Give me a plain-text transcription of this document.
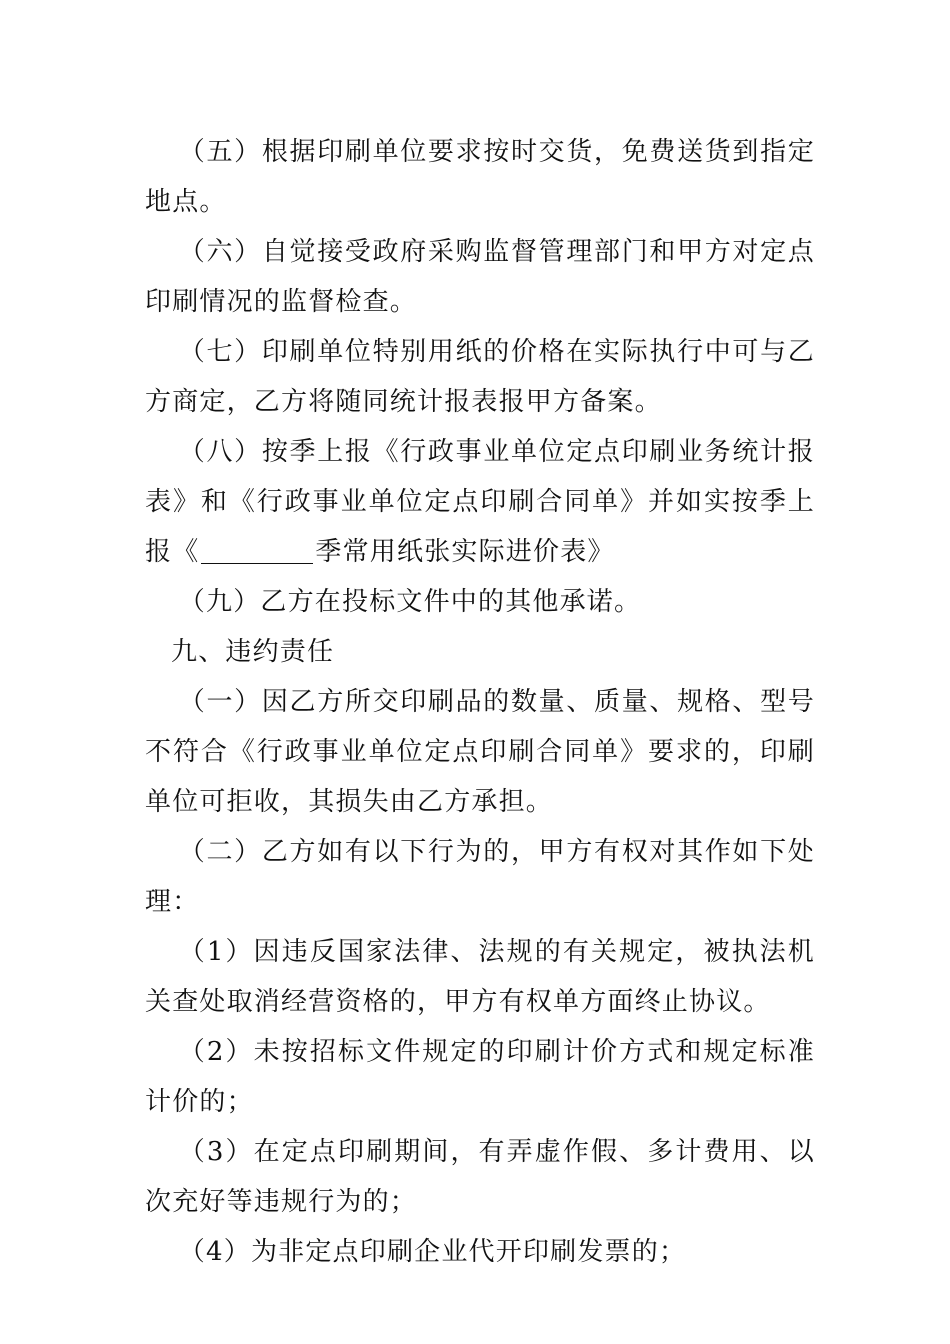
（五）根据印刷单位要求按时交货，免费送货到指定地点。

（六）自觉接受政府采购监督管理部门和甲方对定点印刷情况的监督检查。

（七）印刷单位特别用纸的价格在实际执行中可与乙方商定，乙方将随同统计报表报甲方备案。

（八）按季上报《行政事业单位定点印刷业务统计报表》和《行政事业单位定点印刷合同单》并如实按季上报《	季常用纸张实际进价表》

（九）乙方在投标文件中的其他承诺。

九、违约责任

（一）因乙方所交印刷品的数量、质量、规格、型号不符合《行政事业单位定点印刷合同单》要求的，印刷单位可拒收，其损失由乙方承担。

（二）乙方如有以下行为的，甲方有权对其作如下处理：

（1）因违反国家法律、法规的有关规定，被执法机关查处取消经营资格的，甲方有权单方面终止协议。

（2）未按招标文件规定的印刷计价方式和规定标准计价的；

（3）在定点印刷期间，有弄虚作假、多计费用、以次充好等违规行为的；

（4）为非定点印刷企业代开印刷发票的；
